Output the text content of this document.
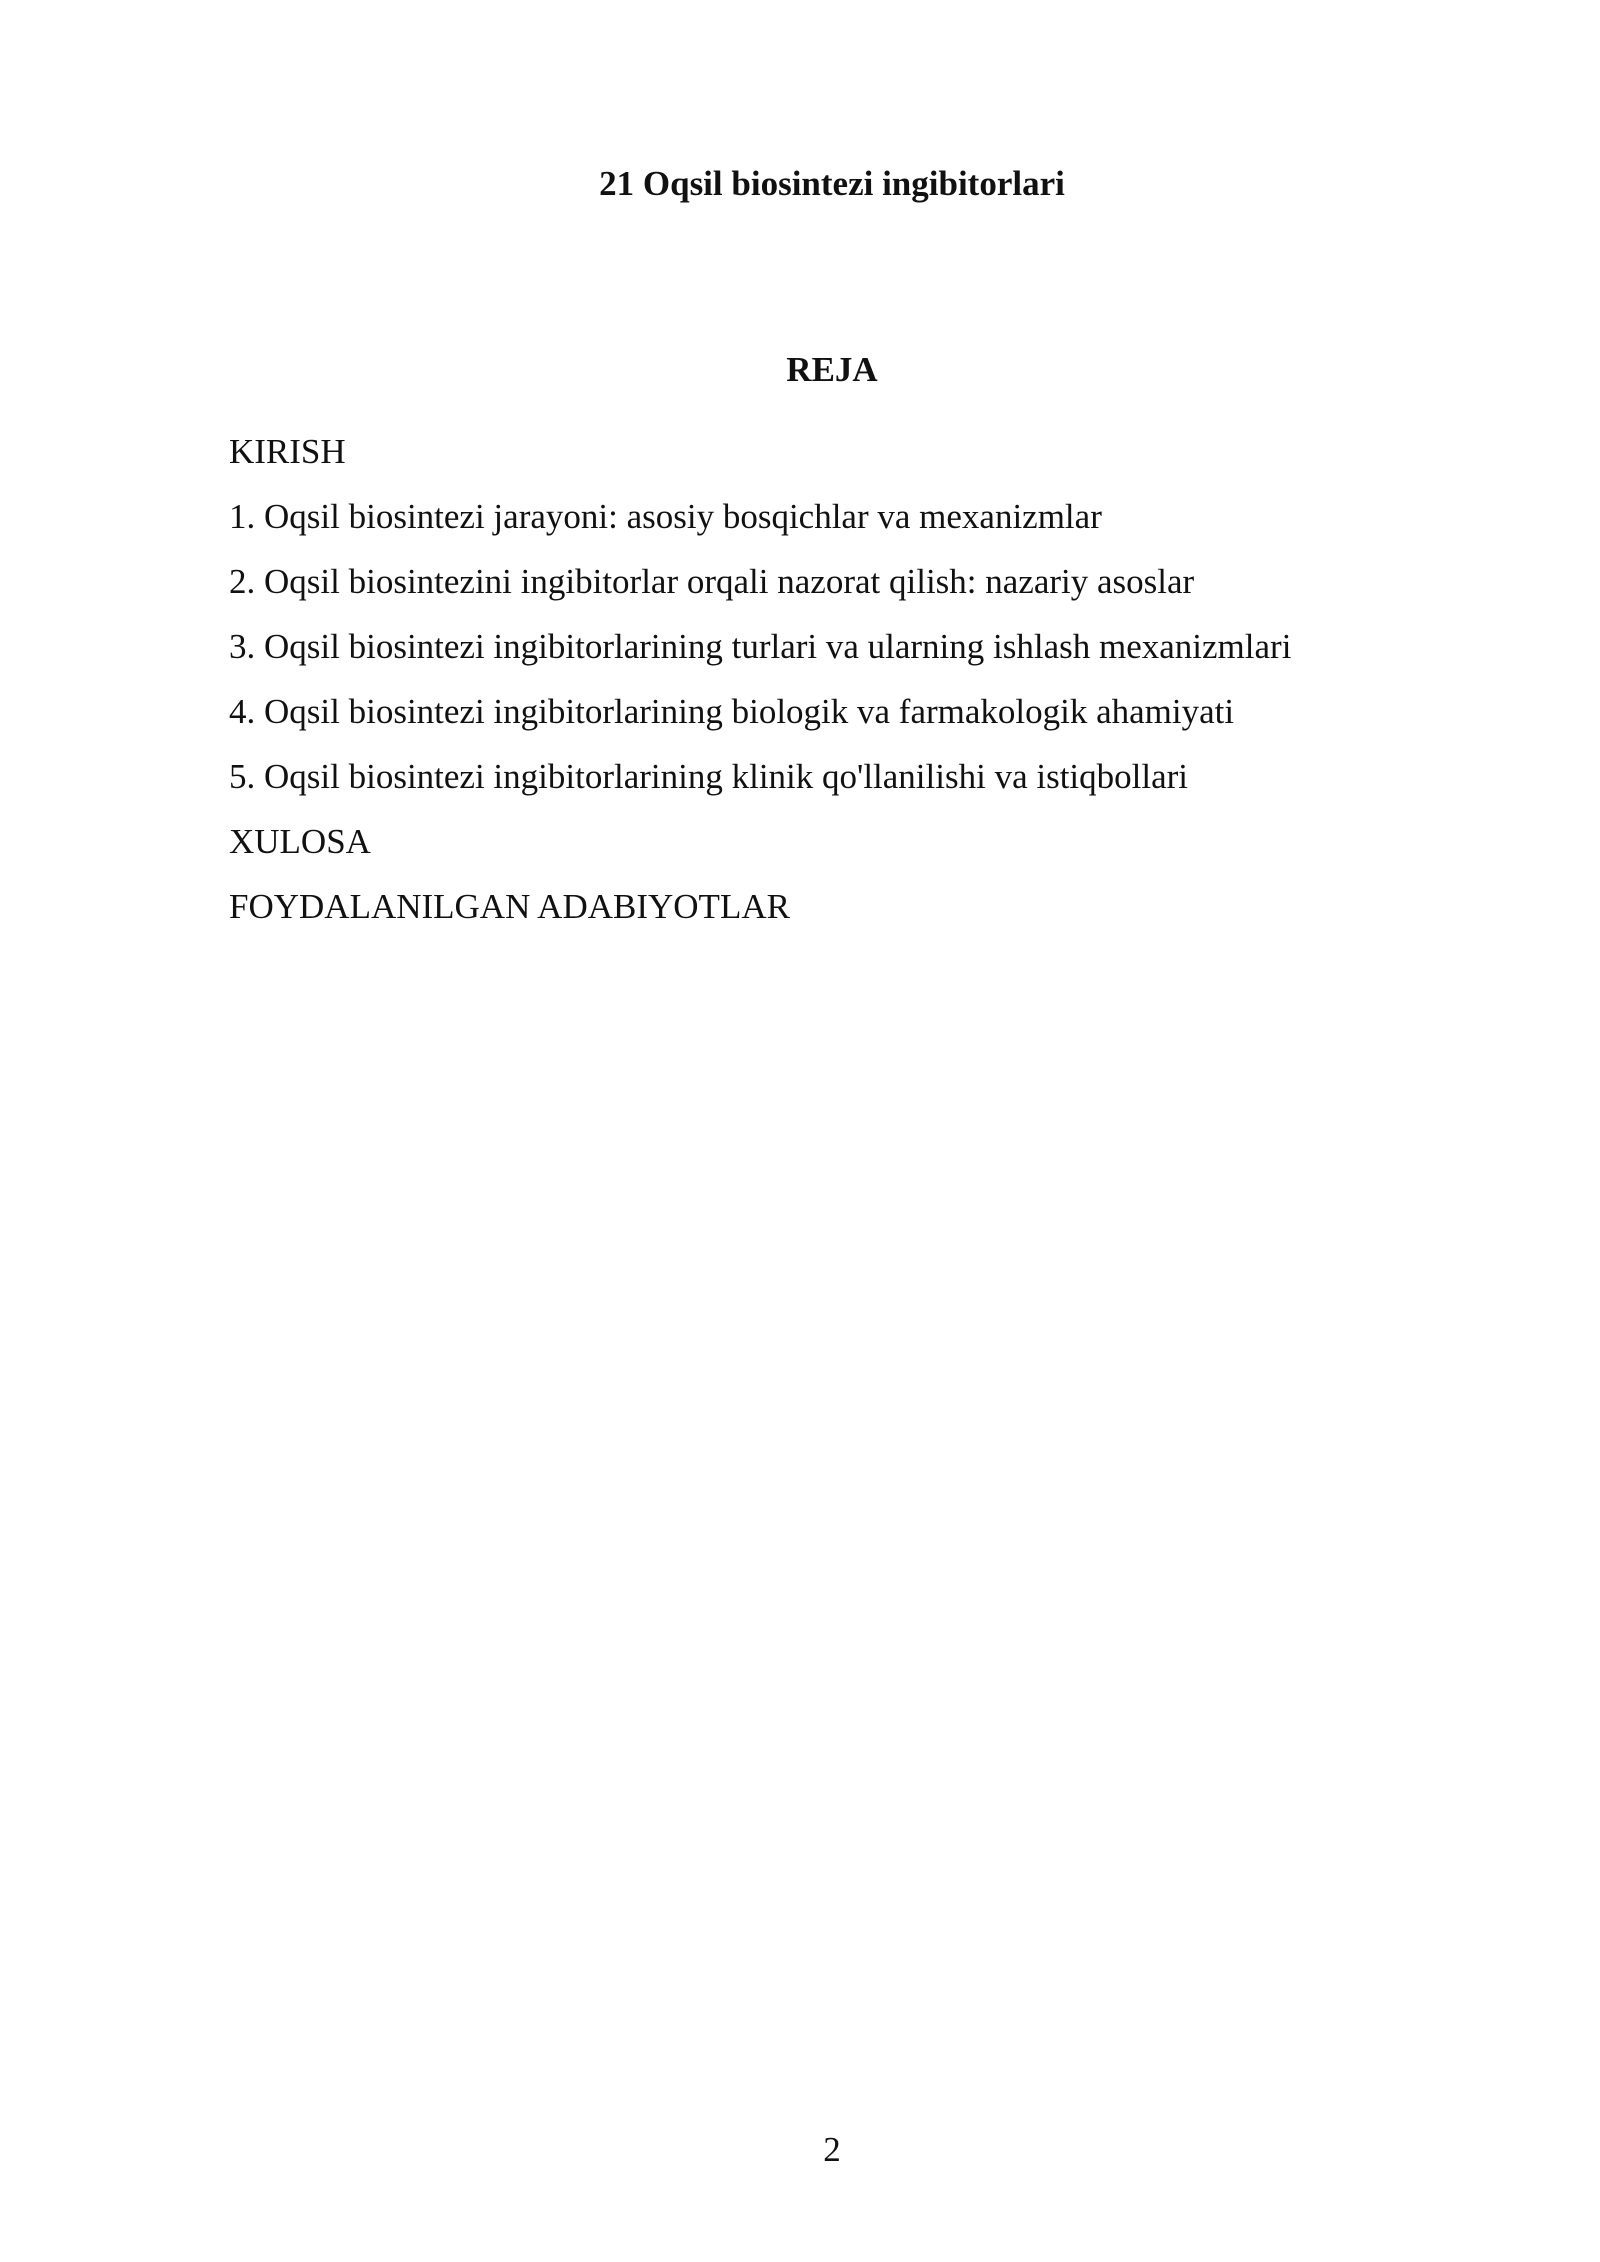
21 Oqsil biosintezi ingibitorlari
REJA
KIRISH
1. Oqsil biosintezi jarayoni: asosiy bosqichlar va mexanizmlar
2. Oqsil biosintezini ingibitorlar orqali nazorat qilish: nazariy asoslar
3. Oqsil biosintezi ingibitorlarining turlari va ularning ishlash mexanizmlari
4. Oqsil biosintezi ingibitorlarining biologik va farmakologik ahamiyati
5. Oqsil biosintezi ingibitorlarining klinik qo'llanilishi va istiqbollari
XULOSA
FOYDALANILGAN ADABIYOTLAR
2
